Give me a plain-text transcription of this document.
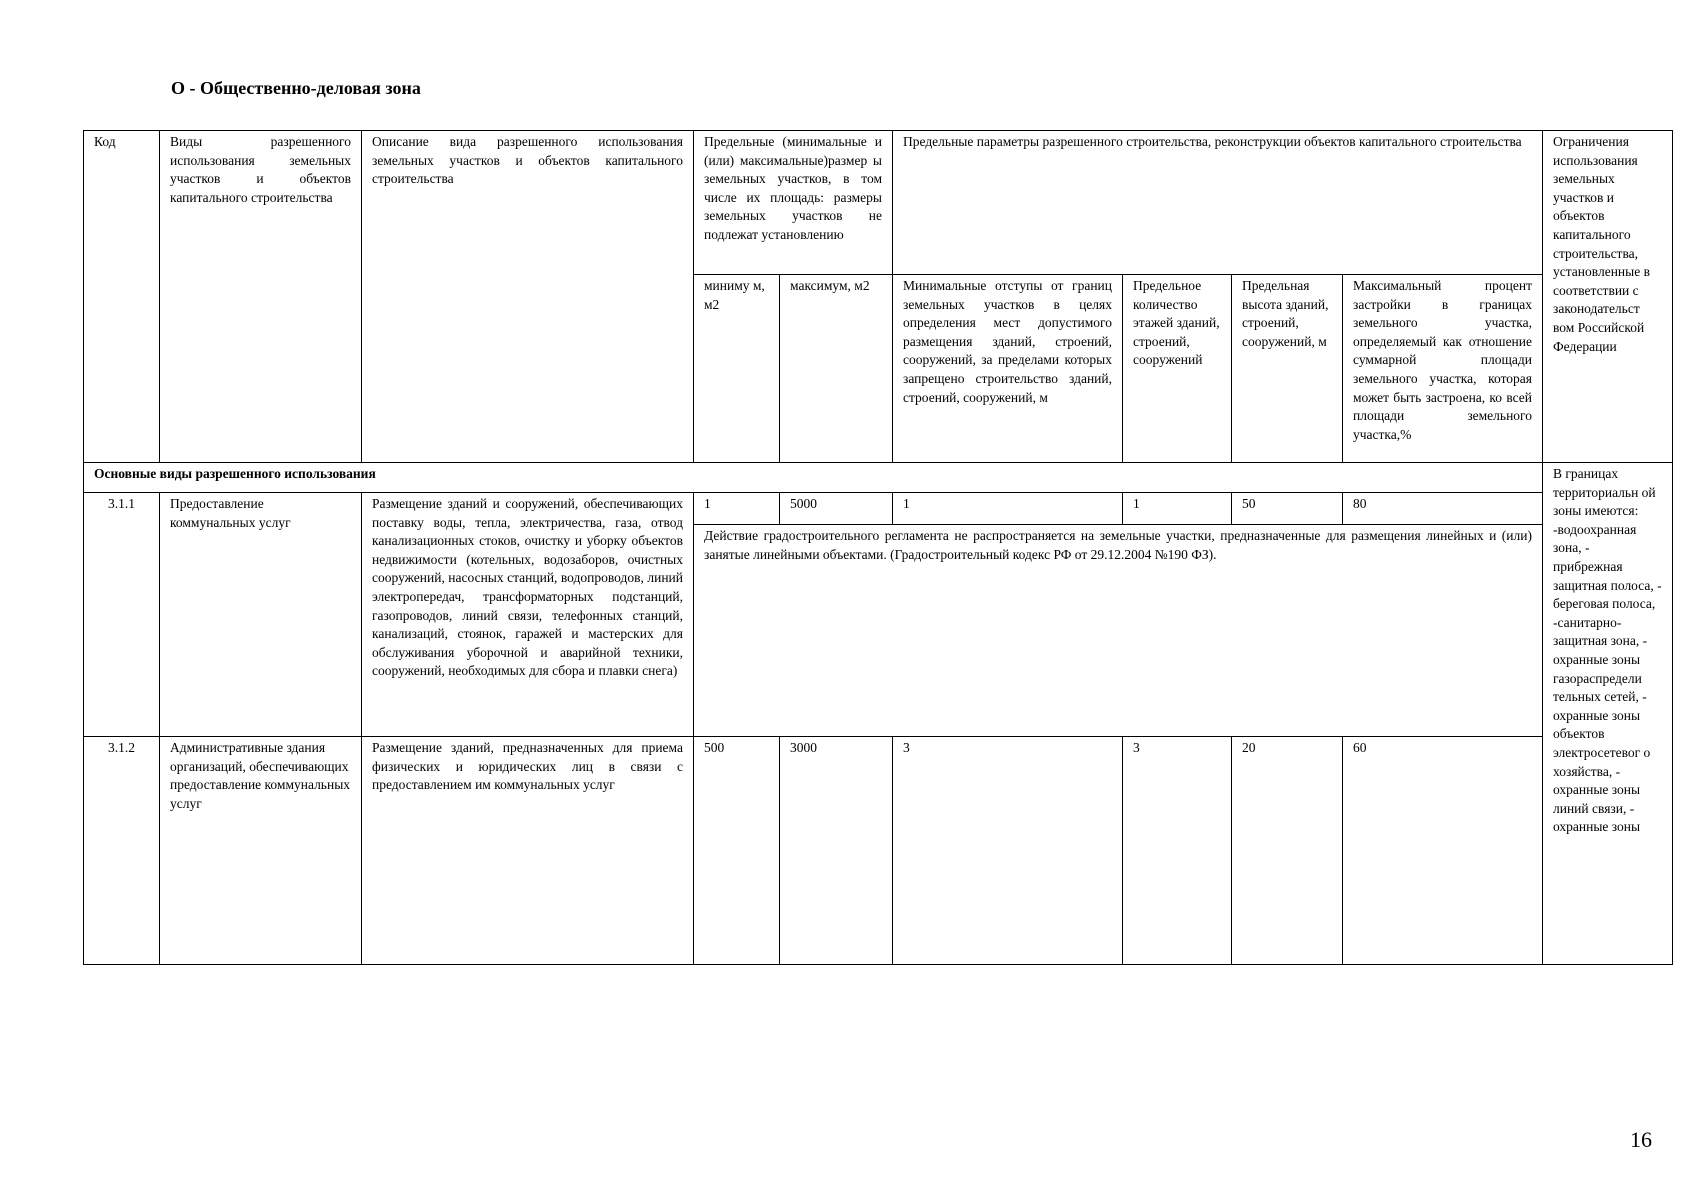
О - Общественно-деловая зона
Код	Виды разрешенного использования земельных участков и объектов капитального строительства	Описание вида разрешенного использования земельных участков и объектов капитального строительства	Предельные (минимальные и (или) максимальные)размер ы земельных участков, в том числе их площадь: размеры земельных участков не подлежат установлению		Предельные параметры разрешенного строительства, реконструкции объектов капитального строительства				Ограничения использования земельных участков и объектов капитального строительства, установленные в соответствии с законодательст вом Российской Федерации
			миниму м, м2	максимум, м2	Минимальные отступы от границ земельных участков в целях определения мест допустимого размещения зданий, строений, сооружений, за пределами которых запрещено строительство зданий, строений, сооружений, м	Предельное количество этажей зданий, строений, сооружений	Предельная высота зданий, строений, сооружений, м	Максимальный процент застройки в границах земельного участка, определяемый как отношение суммарной площади земельного участка, которая может быть застроена, ко всей площади земельного участка,%	
Основные виды разрешенного использования									В границах территориальн ой зоны имеются: -водоохранная зона, - прибрежная защитная полоса, - береговая полоса, -санитарно-защитная зона, - охранные зоны газораспредели тельных сетей, - охранные зоны объектов электросетевог о хозяйства, - охранные зоны линий связи, - охранные зоны
3.1.1	Предоставление коммунальных услуг	Размещение зданий и сооружений, обеспечивающих поставку воды, тепла, электричества, газа, отвод канализационных стоков, очистку и уборку объектов недвижимости (котельных, водозаборов, очистных сооружений, насосных станций, водопроводов, линий электропередач, трансформаторных подстанций, газопроводов, линий связи, телефонных станций, канализаций, стоянок, гаражей и мастерских для обслуживания уборочной и аварийной техники, сооружений, необходимых для сбора и плавки снега)	1	5000	1	1	50	80	
			Действие градостроительного регламента не распространяется на земельные участки, предназначенные для размещения линейных и (или) занятые линейными объектами. (Градостроительный кодекс РФ от 29.12.2004 №190 ФЗ).						
3.1.2	Административные здания организаций, обеспечивающих предоставление коммунальных услуг	Размещение зданий, предназначенных для приема физических и юридических лиц в связи с предоставлением им коммунальных услуг	500	3000	3	3	20	60	
16
